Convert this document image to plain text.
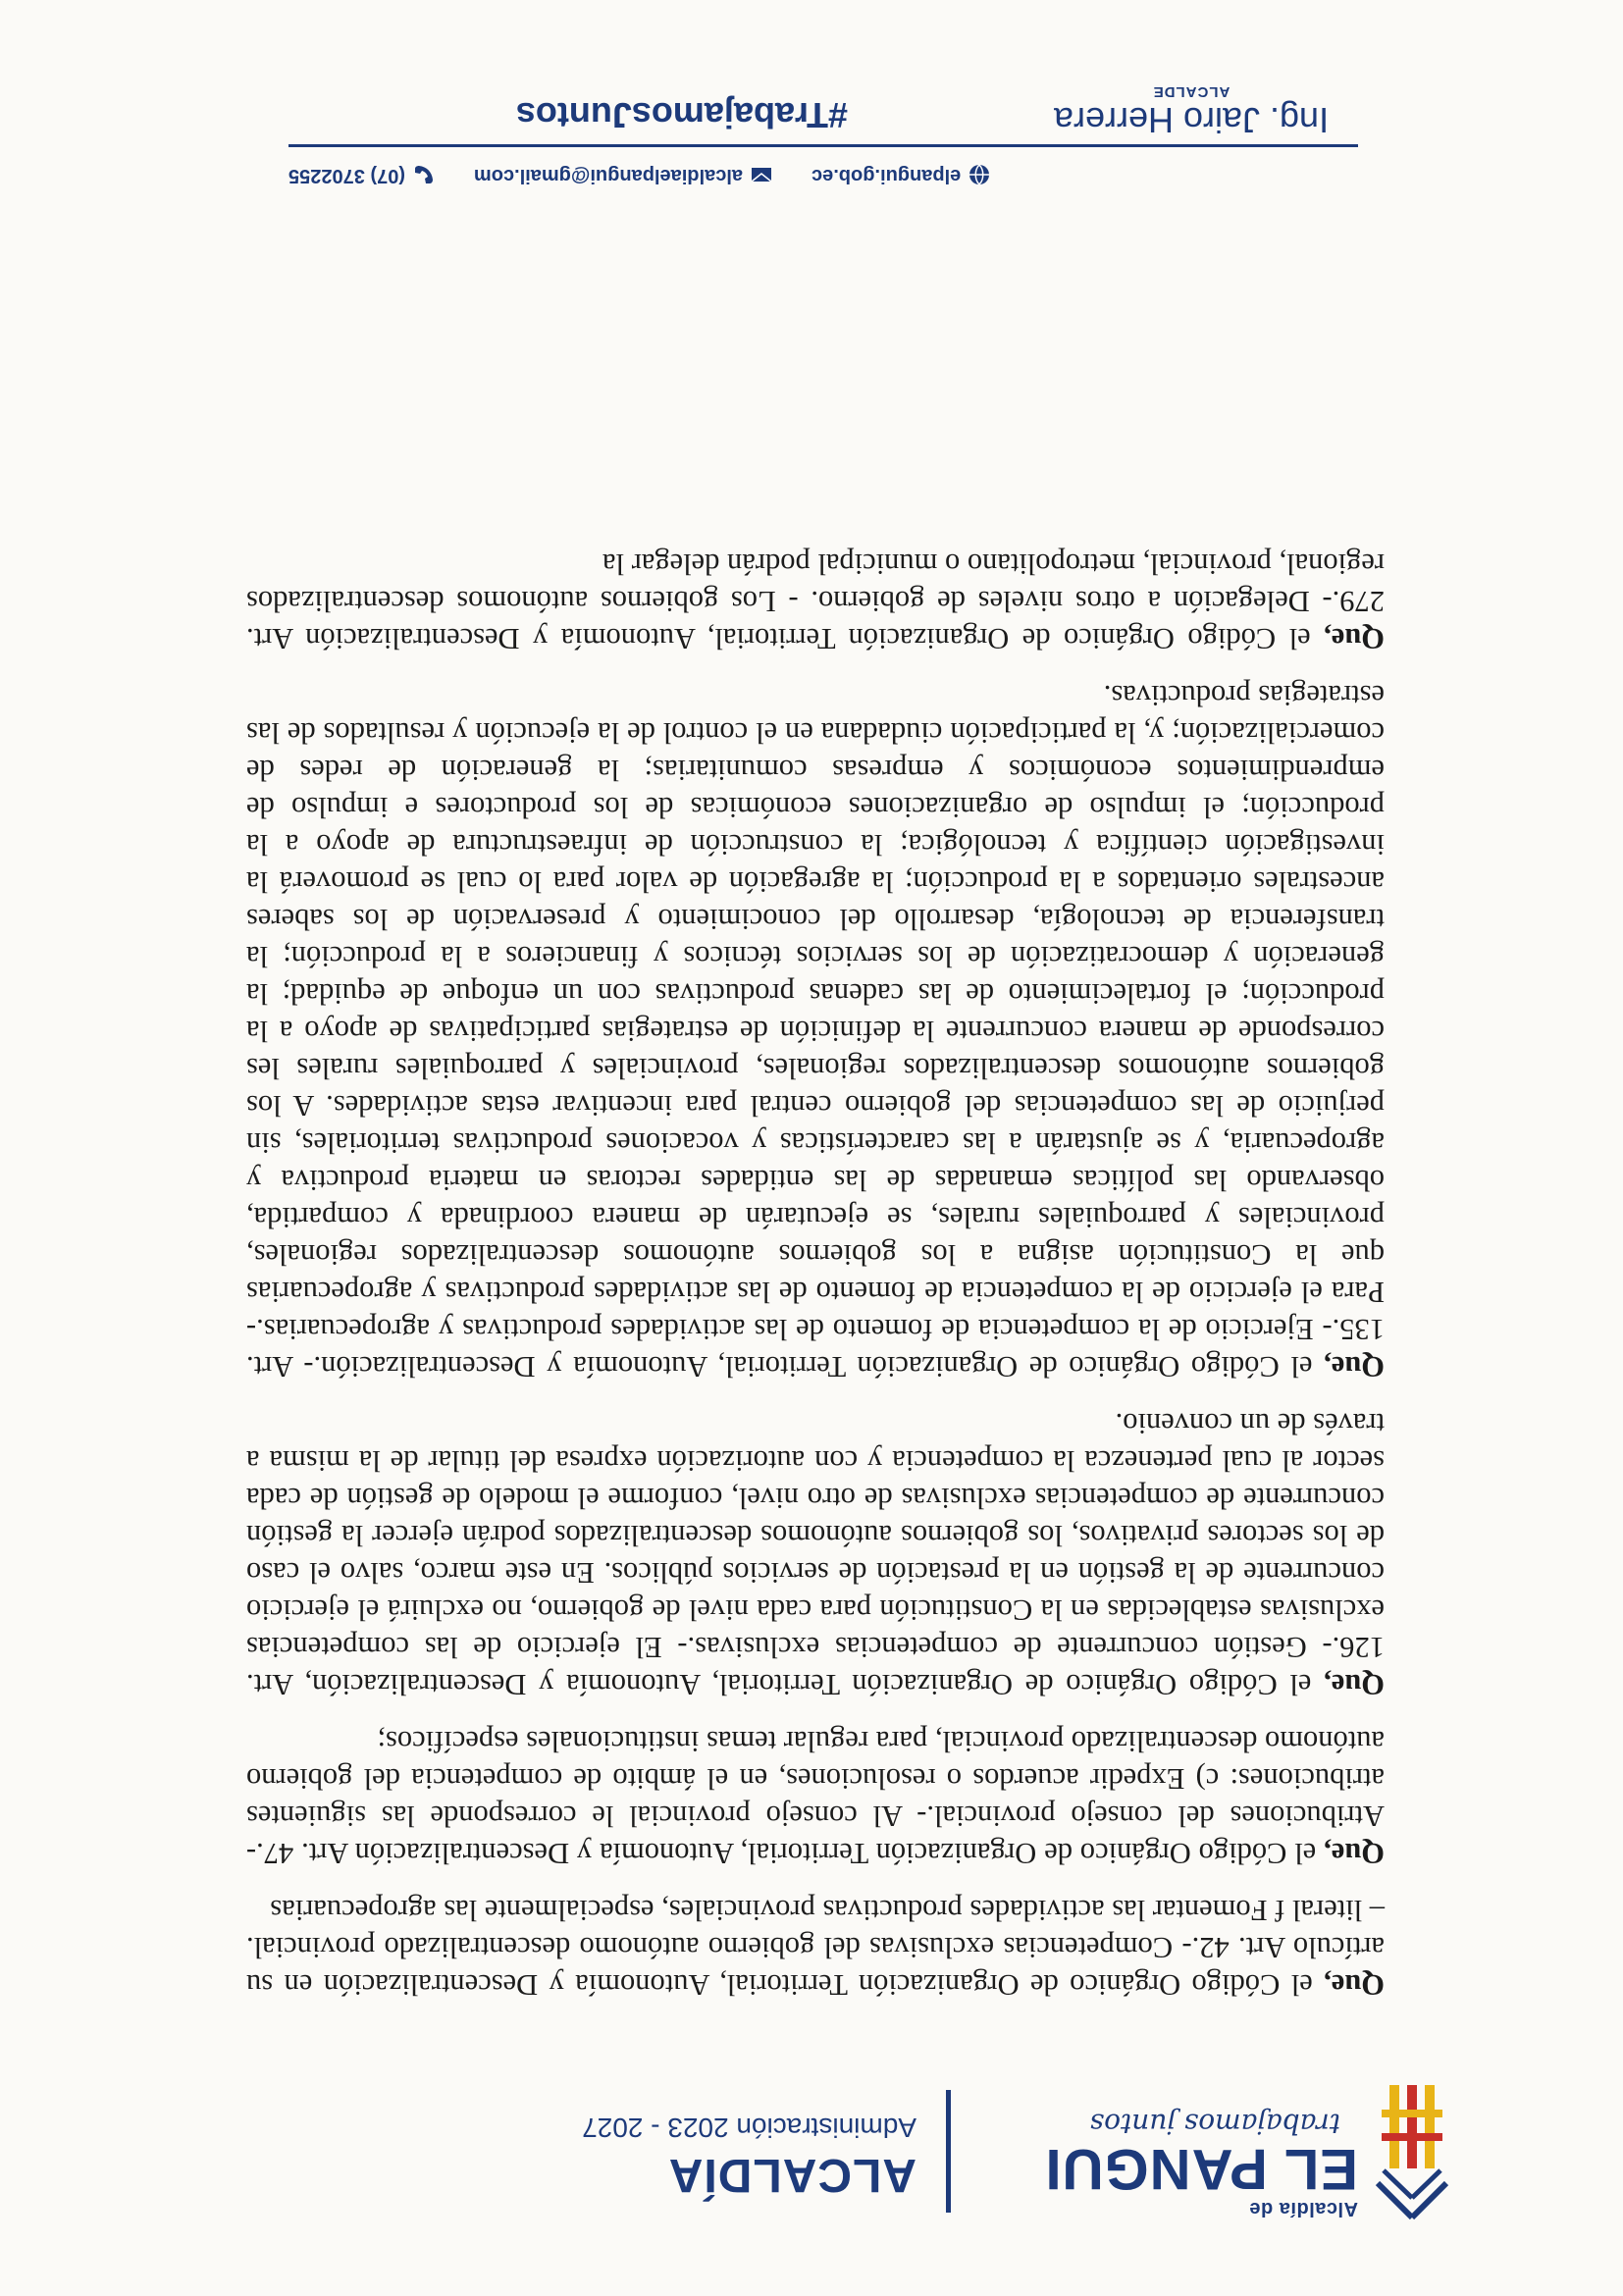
Alcaldía de
EL PANGUI
trabajamos juntos
ALCALDÍA
Administración 2023 - 2027

Que, el Código Orgánico de Organización Territorial, Autonomía y Descentralización en su artículo Art. 42.- Competencias exclusivas del gobierno autónomo descentralizado provincial. – literal f Fomentar las actividades productivas provinciales, especialmente las agropecuarias

Que, el Código Orgánico de Organización Territorial, Autonomía y Descentralización Art. 47.- Atribuciones del consejo provincial.- Al consejo provincial le corresponde las siguientes atribuciones: c) Expedir acuerdos o resoluciones, en el ámbito de competencia del gobierno autónomo descentralizado provincial, para regular temas institucionales específicos;

Que, el Código Orgánico de Organización Territorial, Autonomía y Descentralización, Art. 126.- Gestión concurrente de competencias exclusivas.- El ejercicio de las competencias exclusivas establecidas en la Constitución para cada nivel de gobierno, no excluirá el ejercicio concurrente de la gestión en la prestación de servicios públicos. En este marco, salvo el caso de los sectores privativos, los gobiernos autónomos descentralizados podrán ejercer la gestión concurrente de competencias exclusivas de otro nivel, conforme el modelo de gestión de cada sector al cual pertenezca la competencia y con autorización expresa del titular de la misma a través de un convenio.

Que, el Código Orgánico de Organización Territorial, Autonomía y Descentralización.- Art. 135.- Ejercicio de la competencia de fomento de las actividades productivas y agropecuarias.- Para el ejercicio de la competencia de fomento de las actividades productivas y agropecuarias que la Constitución asigna a los gobiernos autónomos descentralizados regionales, provinciales y parroquiales rurales, se ejecutarán de manera coordinada y compartida, observando las políticas emanadas de las entidades rectoras en materia productiva y agropecuaria, y se ajustarán a las características y vocaciones productivas territoriales, sin perjuicio de las competencias del gobierno central para incentivar estas actividades. A los gobiernos autónomos descentralizados regionales, provinciales y parroquiales rurales les corresponde de manera concurrente la definición de estrategias participativas de apoyo a la producción; el fortalecimiento de las cadenas productivas con un enfoque de equidad; la generación y democratización de los servicios técnicos y financieros a la producción; la transferencia de tecnología, desarrollo del conocimiento y preservación de los saberes ancestrales orientados a la producción; la agregación de valor para lo cual se promoverá la investigación científica y tecnológica; la construcción de infraestructura de apoyo a la producción; el impulso de organizaciones económicas de los productores e impulso de emprendimientos económicos y empresas comunitarias; la generación de redes de comercialización; y, la participación ciudadana en el control de la ejecución y resultados de las estrategias productivas.

Que, el Código Orgánico de Organización Territorial, Autonomía y Descentralización Art. 279.- Delegación a otros niveles de gobierno. - Los gobiernos autónomos descentralizados regional, provincial, metropolitano o municipal podrán delegar la

elpangui.gob.ec
alcaldiaelpangui@gmail.com
(07) 3702255
Ing. Jairo Herrera
ALCALDE
#TrabajamosJuntos
